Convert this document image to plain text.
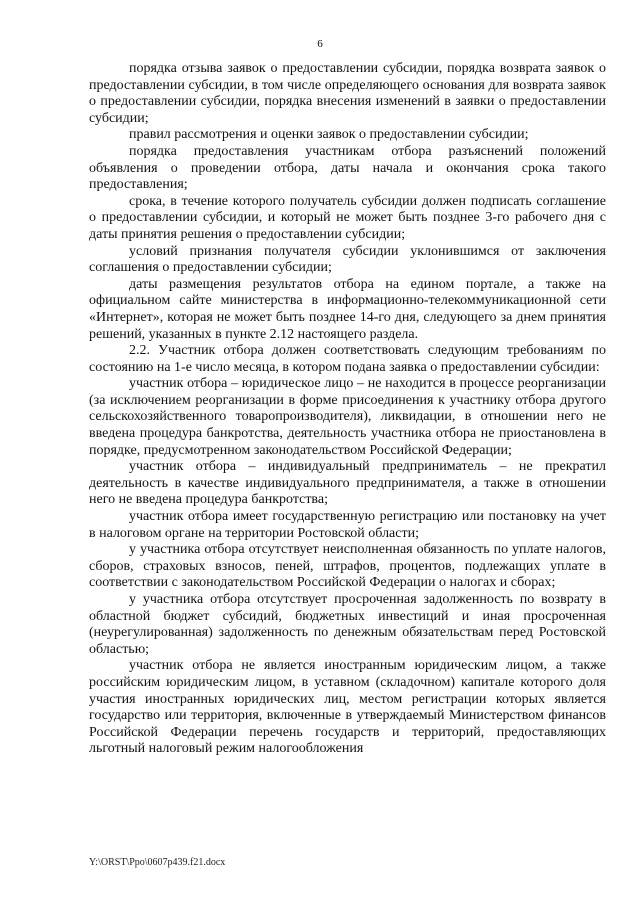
6

порядка отзыва заявок о предоставлении субсидии, порядка возврата заявок о предоставлении субсидии, в том числе определяющего основания для возврата заявок о предоставлении субсидии, порядка внесения изменений в заявки о предоставлении субсидии;

правил рассмотрения и оценки заявок о предоставлении субсидии;

порядка предоставления участникам отбора разъяснений положений объявления о проведении отбора, даты начала и окончания срока такого предоставления;

срока, в течение которого получатель субсидии должен подписать соглашение о предоставлении субсидии, и который не может быть позднее 3-го рабочего дня с даты принятия решения о предоставлении субсидии;

условий признания получателя субсидии уклонившимся от заключения соглашения о предоставлении субсидии;

даты размещения результатов отбора на едином портале, а также на официальном сайте министерства в информационно-телекоммуникационной сети «Интернет», которая не может быть позднее 14-го дня, следующего за днем принятия решений, указанных в пункте 2.12 настоящего раздела.

2.2. Участник отбора должен соответствовать следующим требованиям по состоянию на 1-е число месяца, в котором подана заявка о предоставлении субсидии:

участник отбора – юридическое лицо – не находится в процессе реорганизации (за исключением реорганизации в форме присоединения к участнику отбора другого сельскохозяйственного товаропроизводителя), ликвидации, в отношении него не введена процедура банкротства, деятельность участника отбора не приостановлена в порядке, предусмотренном законодательством Российской Федерации;

участник отбора – индивидуальный предприниматель – не прекратил деятельность в качестве индивидуального предпринимателя, а также в отношении него не введена процедура банкротства;

участник отбора имеет государственную регистрацию или постановку на учет в налоговом органе на территории Ростовской области;

у участника отбора отсутствует неисполненная обязанность по уплате налогов, сборов, страховых взносов, пеней, штрафов, процентов, подлежащих уплате в соответствии с законодательством Российской Федерации о налогах и сборах;

у участника отбора отсутствует просроченная задолженность по возврату в областной бюджет субсидий, бюджетных инвестиций и иная просроченная (неурегулированная) задолженность по денежным обязательствам перед Ростовской областью;

участник отбора не является иностранным юридическим лицом, а также российским юридическим лицом, в уставном (складочном) капитале которого доля участия иностранных юридических лиц, местом регистрации которых является государство или территория, включенные в утверждаемый Министерством финансов Российской Федерации перечень государств и территорий, предоставляющих льготный налоговый режим налогообложения

Y:\ORST\Ppo\0607p439.f21.docx
